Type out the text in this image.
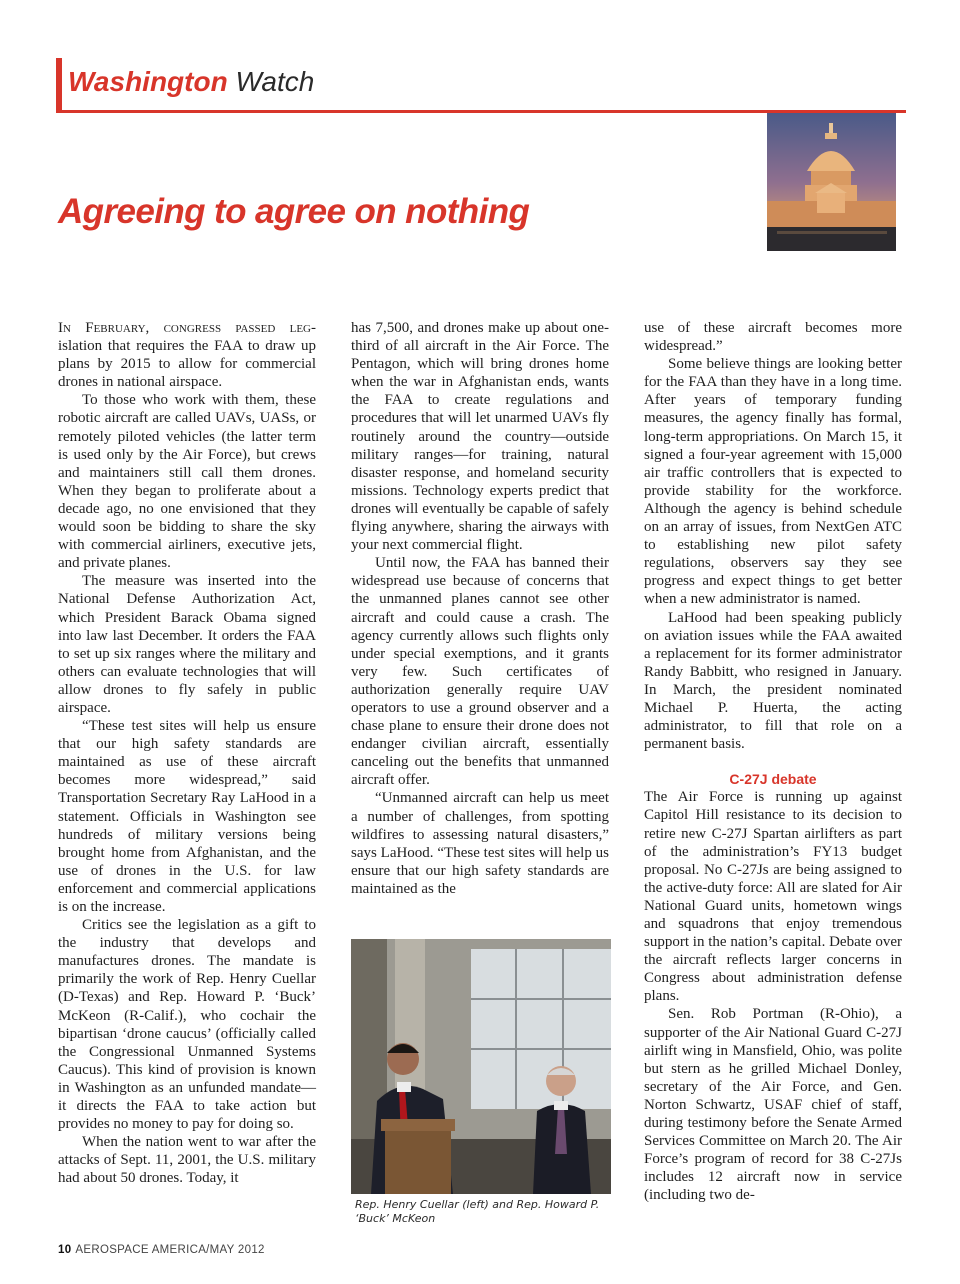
Washington Watch
Agreeing to agree on nothing

In February, congress passed leg- islation that requires the FAA to draw up plans by 2015 to allow for commercial drones in national airspace.

To those who work with them, these robotic aircraft are called UAVs, UASs, or remotely piloted vehicles (the latter term is used only by the Air Force), but crews and maintainers still call them drones. When they began to proliferate about a decade ago, no one envisioned that they would soon be bidding to share the sky with commercial airliners, executive jets, and private planes.

The measure was inserted into the National Defense Authorization Act, which President Barack Obama signed into law last December. It orders the FAA to set up six ranges where the military and others can evaluate technologies that will allow drones to fly safely in public airspace.

“These test sites will help us ensure that our high safety standards are maintained as use of these aircraft becomes more widespread,” said Transportation Secretary Ray LaHood in a statement. Officials in Washington see hundreds of military versions being brought home from Afghanistan, and the use of drones in the U.S. for law enforcement and commercial applications is on the increase.

Critics see the legislation as a gift to the industry that develops and manufactures drones. The mandate is primarily the work of Rep. Henry Cuellar (D-Texas) and Rep. Howard P. ‘Buck’ McKeon (R-Calif.), who cochair the bipartisan ‘drone caucus’ (officially called the Congressional Unmanned Systems Caucus). This kind of provision is known in Washington as an unfunded mandate—it directs the FAA to take action but provides no money to pay for doing so.

When the nation went to war after the attacks of Sept. 11, 2001, the U.S. military had about 50 drones. Today, it

has 7,500, and drones make up about one-third of all aircraft in the Air Force. The Pentagon, which will bring drones home when the war in Afghanistan ends, wants the FAA to create regulations and procedures that will let unarmed UAVs fly routinely around the country—outside military ranges—for training, natural disaster response, and homeland security missions. Technology experts predict that drones will eventually be capable of safely flying anywhere, sharing the airways with your next commercial flight.

Until now, the FAA has banned their widespread use because of concerns that the unmanned planes cannot see other aircraft and could cause a crash. The agency currently allows such flights only under special exemptions, and it grants very few. Such certificates of authorization generally require UAV operators to use a ground observer and a chase plane to ensure their drone does not endanger civilian aircraft, essentially canceling out the benefits that unmanned aircraft offer.

“Unmanned aircraft can help us meet a number of challenges, from spotting wildfires to assessing natural disasters,” says LaHood. “These test sites will help us ensure that our high safety standards are maintained as the

use of these aircraft becomes more widespread.”

Some believe things are looking better for the FAA than they have in a long time. After years of temporary funding measures, the agency finally has formal, long-term appropriations. On March 15, it signed a four-year agreement with 15,000 air traffic controllers that is expected to provide stability for the workforce. Although the agency is behind schedule on an array of issues, from NextGen ATC to establishing new pilot safety regulations, observers say they see progress and expect things to get better when a new administrator is named.

LaHood had been speaking publicly on aviation issues while the FAA awaited a replacement for its former administrator Randy Babbitt, who resigned in January. In March, the president nominated Michael P. Huerta, the acting administrator, to fill that role on a permanent basis.

C-27J debate

The Air Force is running up against Capitol Hill resistance to its decision to retire new C-27J Spartan airlifters as part of the administration’s FY13 budget proposal. No C-27Js are being assigned to the active-duty force: All are slated for Air National Guard units, hometown wings and squadrons that enjoy tremendous support in the nation’s capital. Debate over the aircraft reflects larger concerns in Congress about administration defense plans.

Sen. Rob Portman (R-Ohio), a supporter of the Air National Guard C-27J airlift wing in Mansfield, Ohio, was polite but stern as he grilled Michael Donley, secretary of the Air Force, and Gen. Norton Schwartz, USAF chief of staff, during testimony before the Senate Armed Services Committee on March 20. The Air Force’s program of record for 38 C-27Js includes 12 aircraft now in service (including two de-

Rep. Henry Cuellar (left) and Rep. Howard P. ‘Buck’ McKeon
10 AEROSPACE AMERICA/MAY 2012
